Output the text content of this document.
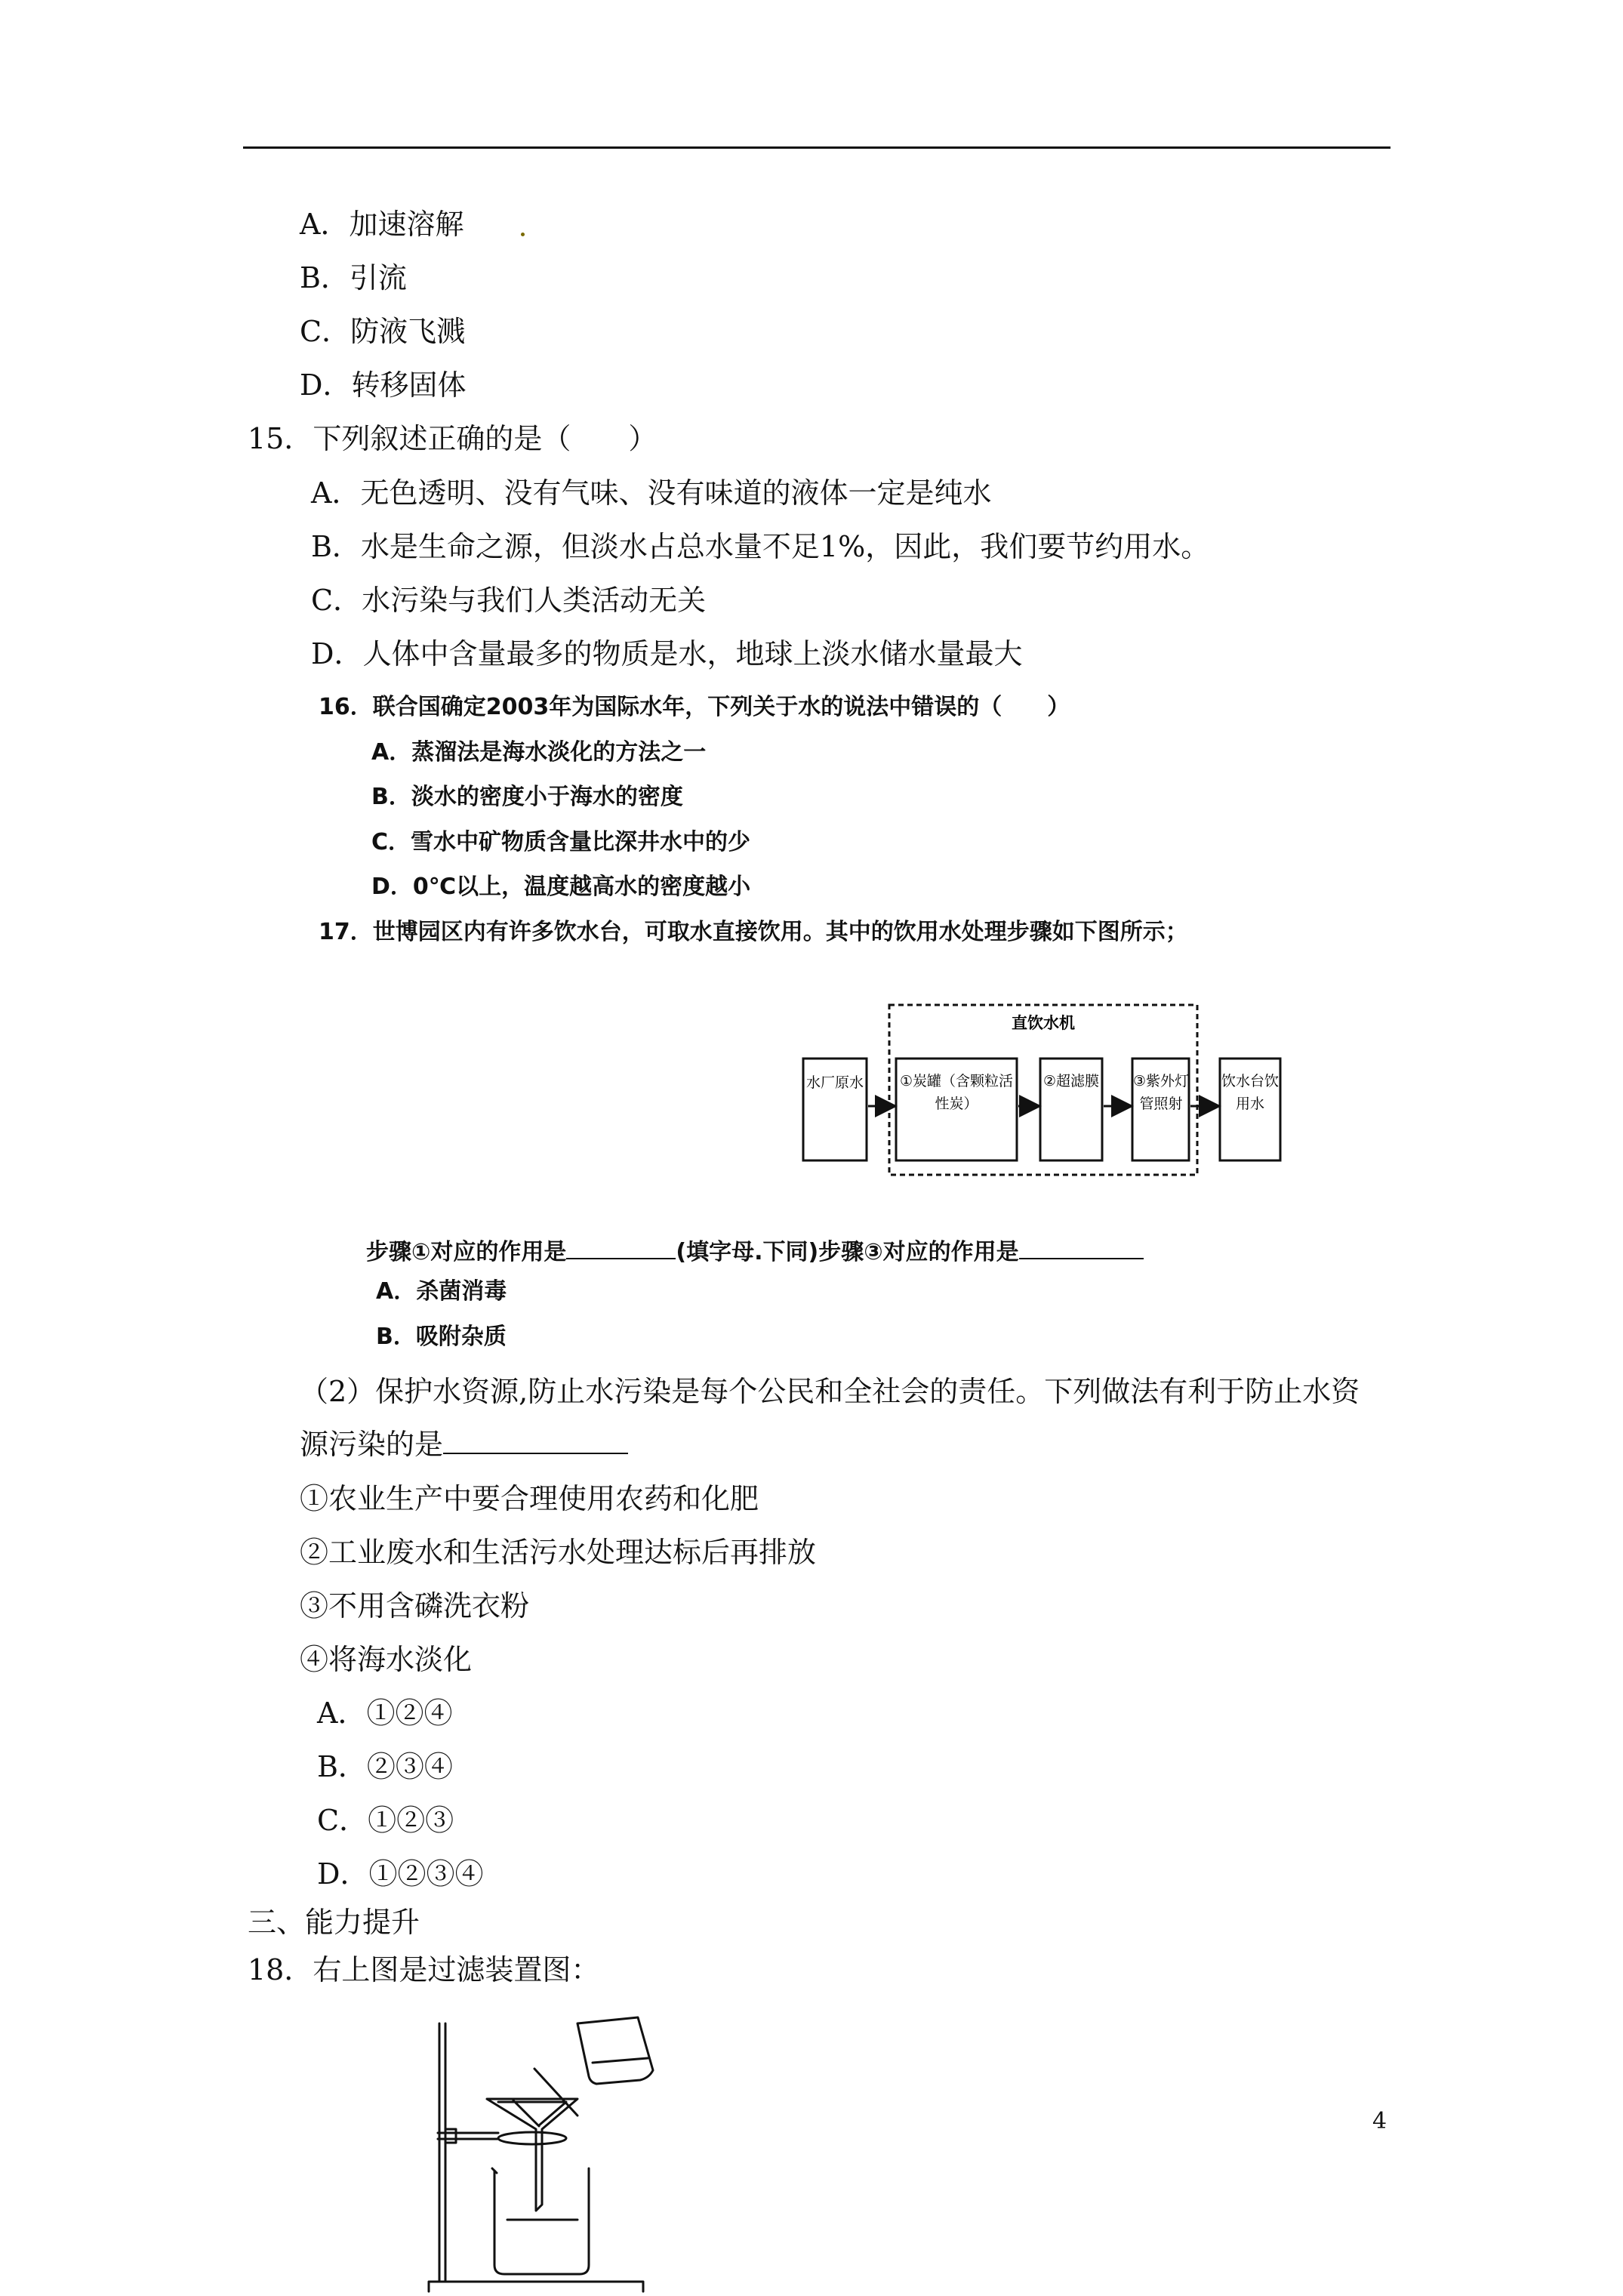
A．加速溶解
B．引流
C．防液飞溅
D．转移固体
15．下列叙述正确的是（　　）
A．无色透明、没有气味、没有味道的液体一定是纯水
B．水是生命之源，但淡水占总水量不足1%，因此，我们要节约用水。
C．水污染与我们人类活动无关
D．人体中含量最多的物质是水，地球上淡水储水量最大
16．联合国确定2003年为国际水年，下列关于水的说法中错误的（　　）
A．蒸溜法是海水淡化的方法之一
B．淡水的密度小于海水的密度
C．雪水中矿物质含量比深井水中的少
D．0℃以上，温度越高水的密度越小
17．世博园区内有许多饮水台，可取水直接饮用。其中的饮用水处理步骤如下图所示；
直饮水机
水厂原水	①炭罐（含颗粒活
性炭）
②超滤膜 ③紫外灯
管照射
饮水台饮
用水
步骤①对应的作用是	(填字母.下同)步骤③对应的作用是
A．杀菌消毒
B．吸附杂质
（2）保护水资源,防止水污染是每个公民和全社会的责任。下列做法有利于防止水资
源污染的是
①农业生产中要合理使用农药和化肥
②工业废水和生活污水处理达标后再排放
③不用含磷洗衣粉
④将海水淡化
A．①②④
B．②③④
C．①②③
D．①②③④
三、能力提升
18．右上图是过滤装置图：
4
